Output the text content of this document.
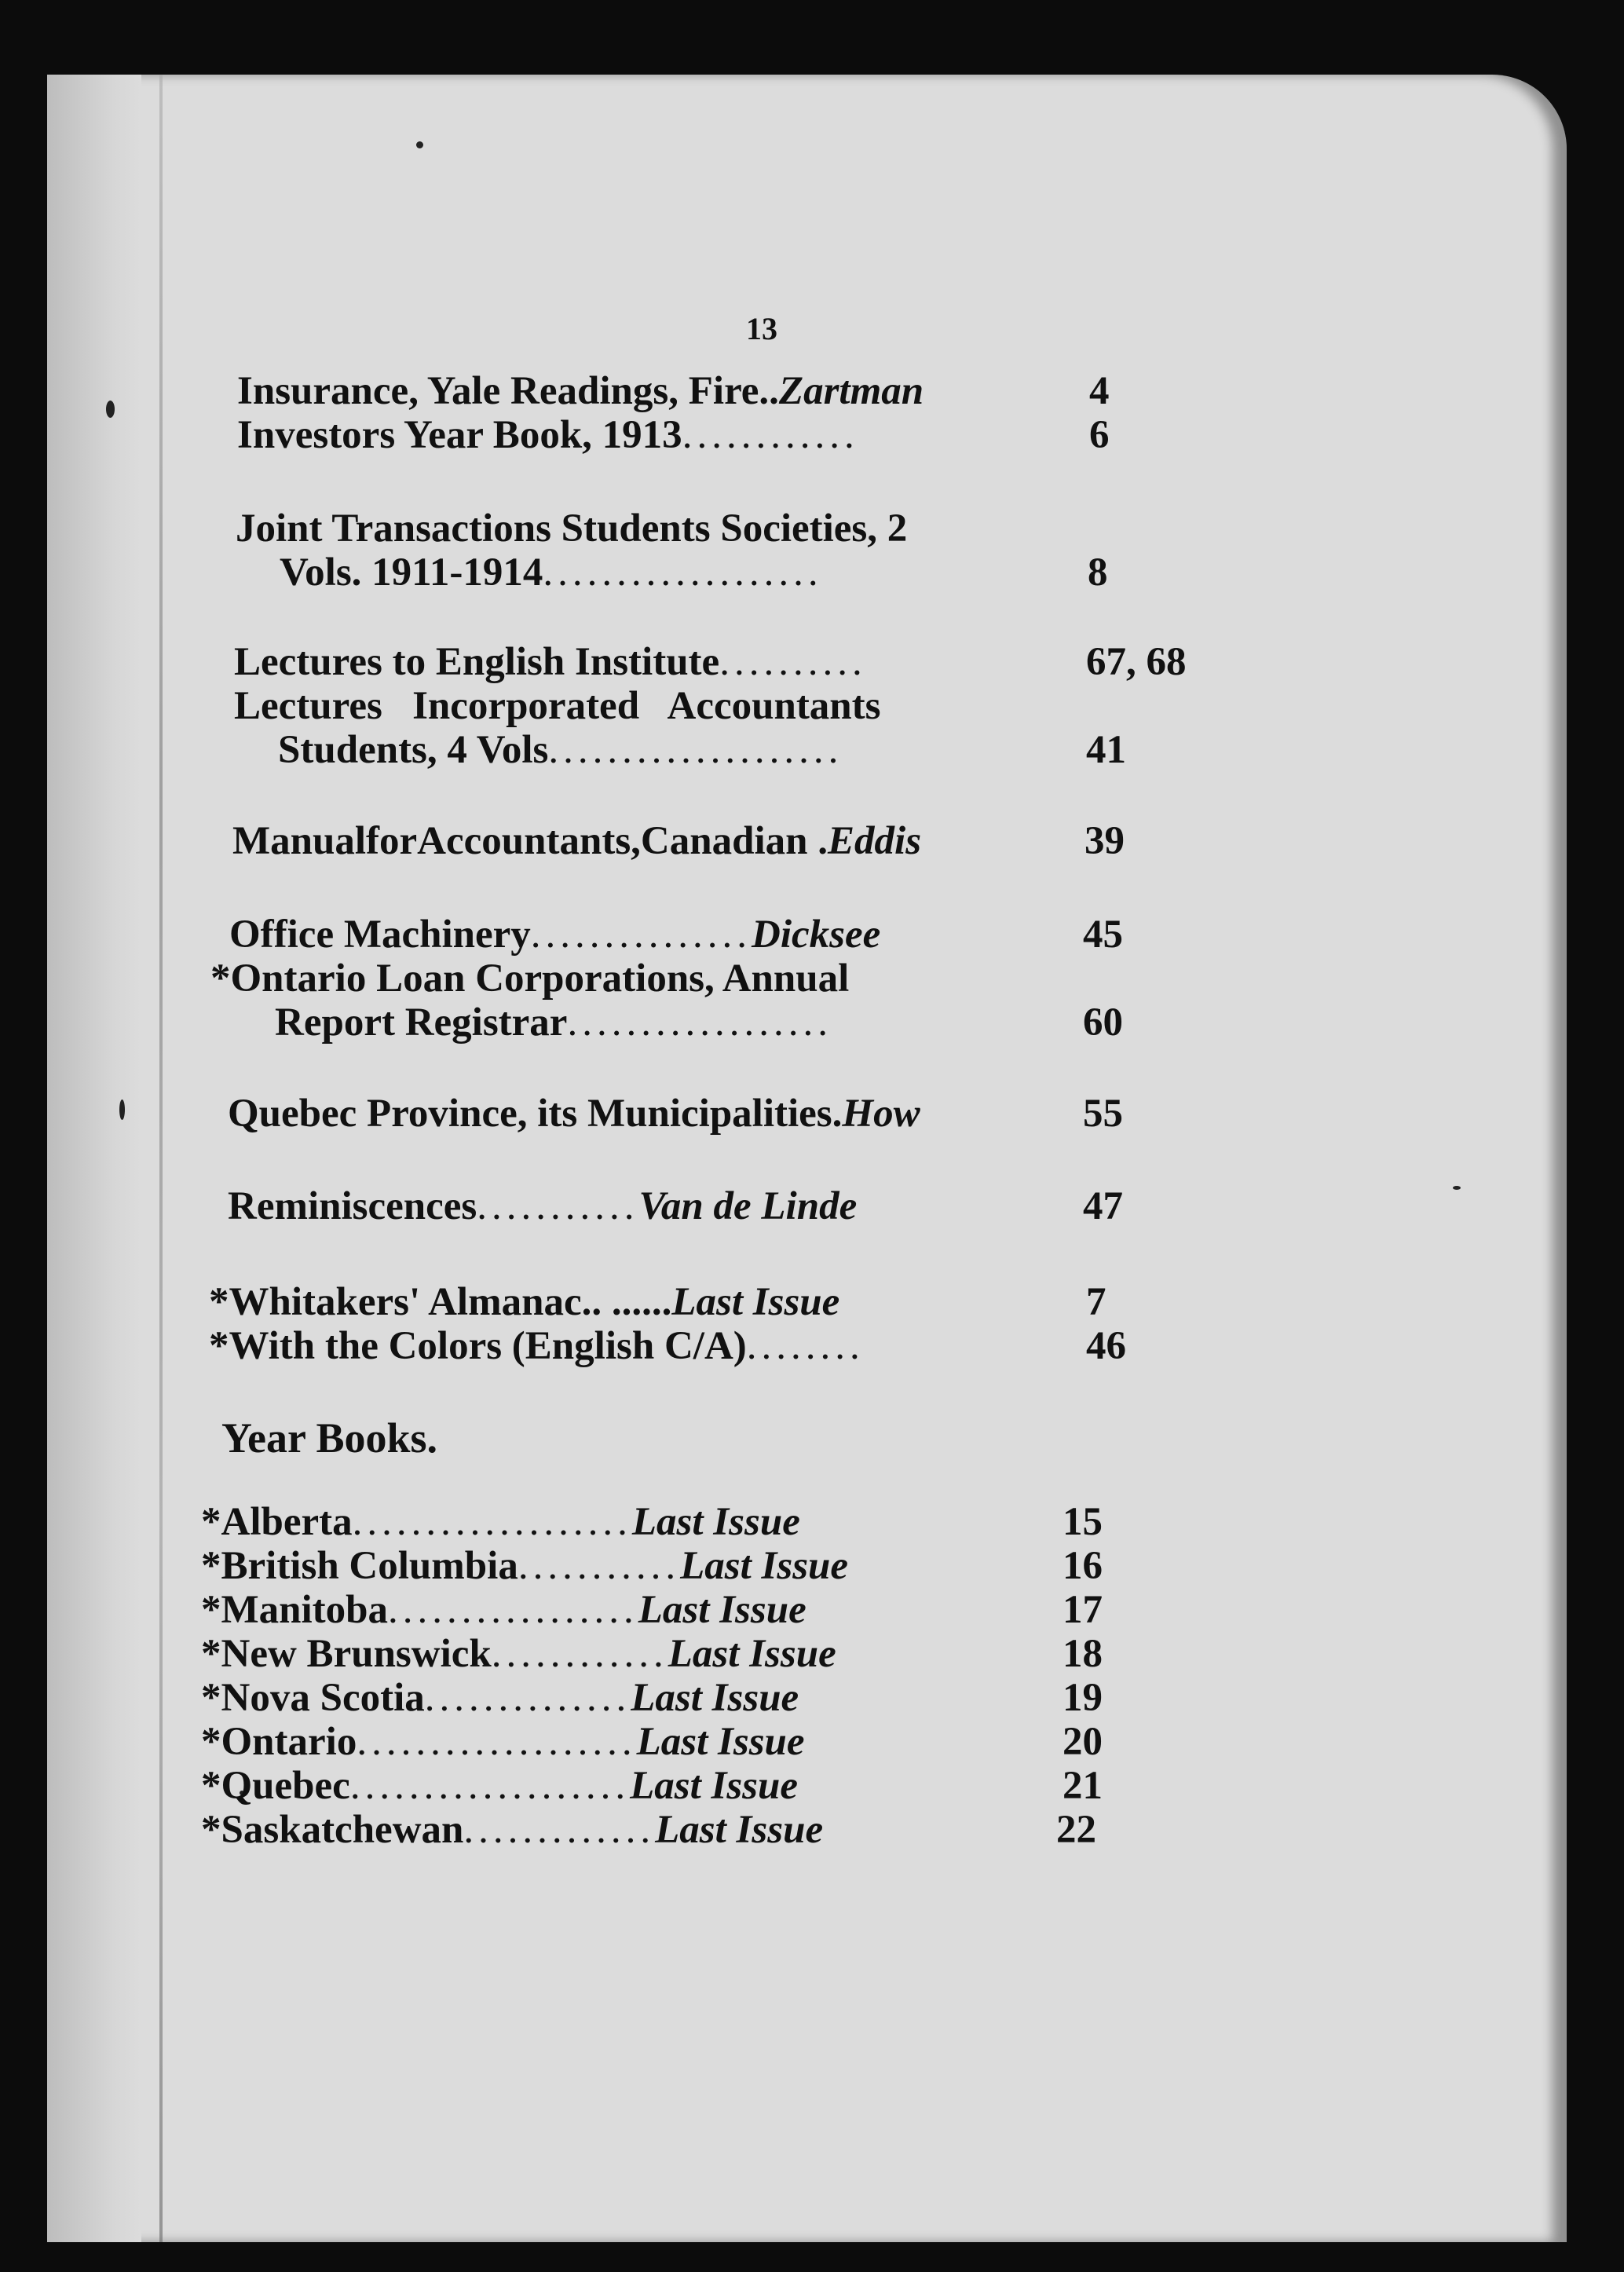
13
Insurance, Yale Readings, Fire..Zartman	4
Investors Year Book, 1913............	6
Joint Transactions Students Societies, 2
Vols. 1911-1914...................	8
Lectures to English Institute..........	67, 68
Lectures   Incorporated   Accountants
Students, 4 Vols....................	41
ManualforAccountants,Canadian .Eddis	39
Office Machinery...............Dicksee	45
*Ontario Loan Corporations, Annual
Report Registrar..................	60
Quebec Province, its Municipalities.How	55
Reminiscences...........Van de Linde	47
*Whitakers' Almanac.. ......Last Issue	7
*With the Colors (English C/A)........	46
Year Books.
*Alberta...................Last Issue	15
*British Columbia...........Last Issue	16
*Manitoba.................Last Issue	17
*New Brunswick............Last Issue	18
*Nova Scotia..............Last Issue	19
*Ontario...................Last Issue	20
*Quebec...................Last Issue	21
*Saskatchewan.............Last Issue	22
